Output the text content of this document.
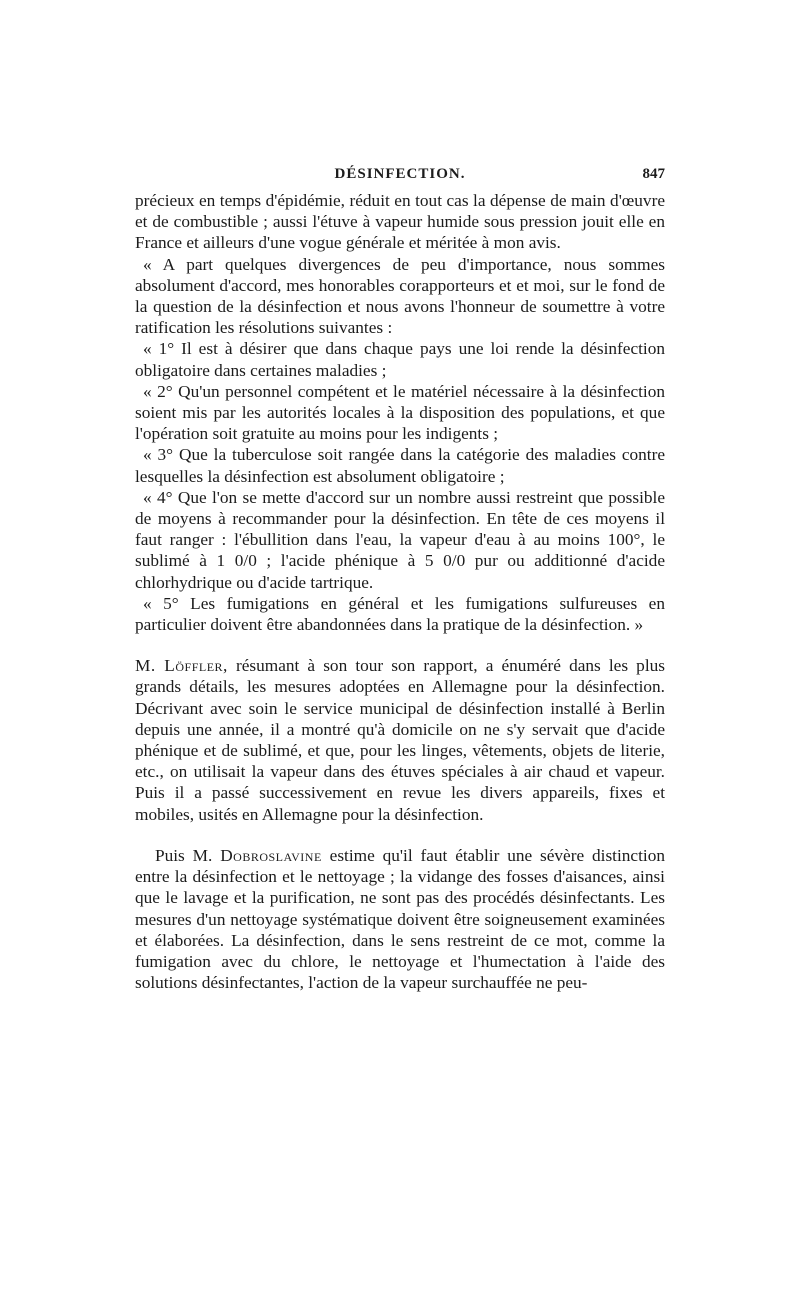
DÉSINFECTION.	847

précieux en temps d'épidémie, réduit en tout cas la dépense de main d'œuvre et de combustible ; aussi l'étuve à vapeur humide sous pression jouit elle en France et ailleurs d'une vogue générale et méritée à mon avis.

« A part quelques divergences de peu d'importance, nous sommes absolument d'accord, mes honorables corapporteurs et et moi, sur le fond de la question de la désinfection et nous avons l'honneur de soumettre à votre ratification les résolutions suivantes :

« 1° Il est à désirer que dans chaque pays une loi rende la désinfection obligatoire dans certaines maladies ;

« 2° Qu'un personnel compétent et le matériel nécessaire à la désinfection soient mis par les autorités locales à la disposition des populations, et que l'opération soit gratuite au moins pour les indigents ;

« 3° Que la tuberculose soit rangée dans la catégorie des maladies contre lesquelles la désinfection est absolument obligatoire ;

« 4° Que l'on se mette d'accord sur un nombre aussi restreint que possible de moyens à recommander pour la désinfection. En tête de ces moyens il faut ranger : l'ébullition dans l'eau, la vapeur d'eau à au moins 100°, le sublimé à 1 0/0 ; l'acide phénique à 5 0/0 pur ou additionné d'acide chlorhydrique ou d'acide tartrique.

« 5° Les fumigations en général et les fumigations sulfureuses en particulier doivent être abandonnées dans la pratique de la désinfection. »

M. Löffler, résumant à son tour son rapport, a énuméré dans les plus grands détails, les mesures adoptées en Allemagne pour la désinfection. Décrivant avec soin le service municipal de désinfection installé à Berlin depuis une année, il a montré qu'à domicile on ne s'y servait que d'acide phénique et de sublimé, et que, pour les linges, vêtements, objets de literie, etc., on utilisait la vapeur dans des étuves spéciales à air chaud et vapeur. Puis il a passé successivement en revue les divers appareils, fixes et mobiles, usités en Allemagne pour la désinfection.

Puis M. Dobroslavine estime qu'il faut établir une sévère distinction entre la désinfection et le nettoyage ; la vidange des fosses d'aisances, ainsi que le lavage et la purification, ne sont pas des procédés désinfectants. Les mesures d'un nettoyage systématique doivent être soigneusement examinées et élaborées. La désinfection, dans le sens restreint de ce mot, comme la fumigation avec du chlore, le nettoyage et l'humectation à l'aide des solutions désinfectantes, l'action de la vapeur surchauffée ne peu-
